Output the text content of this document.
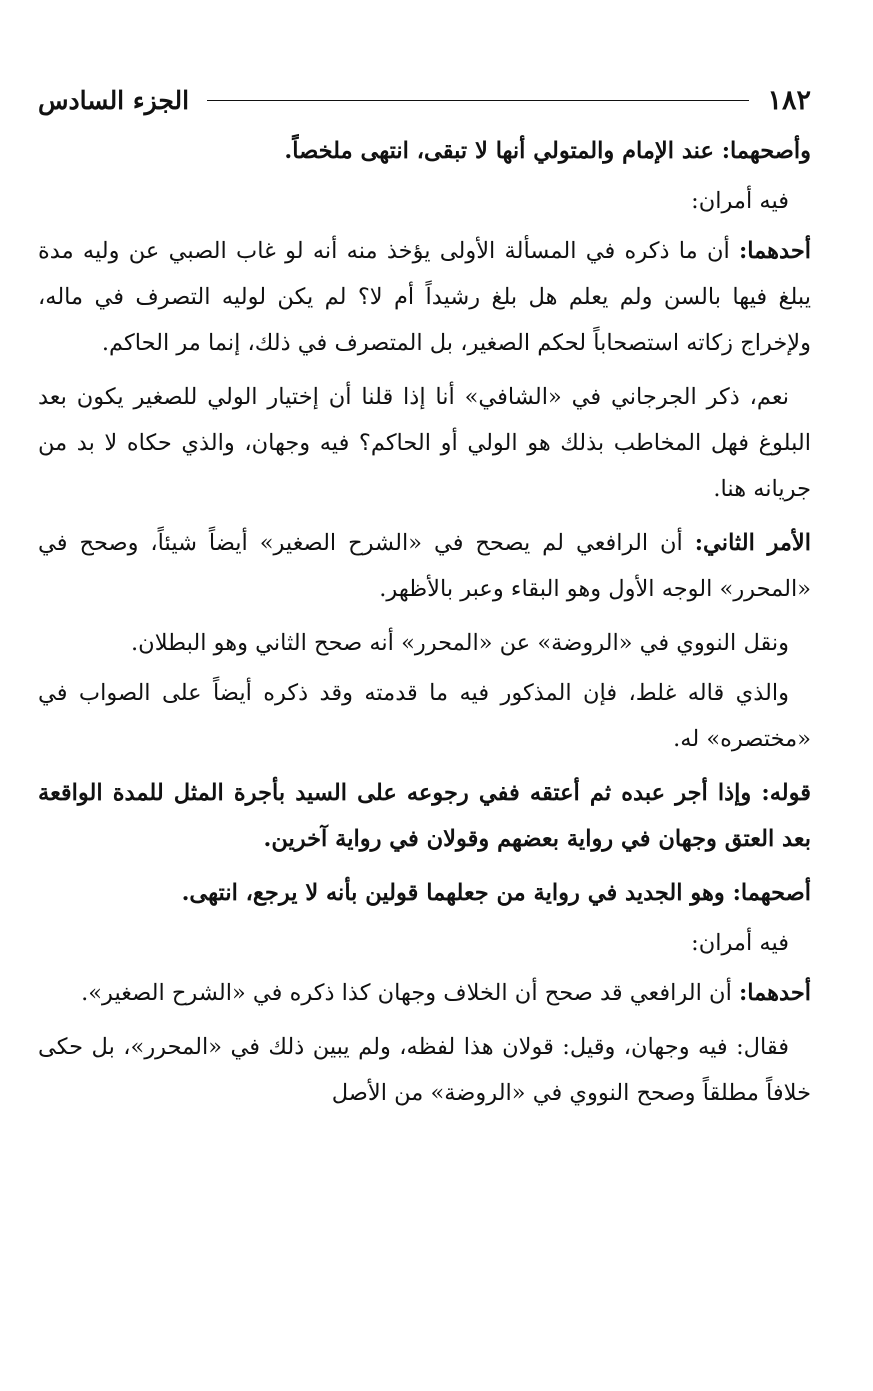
١٨٢
الجزء السادس

وأصحهما: عند الإمام والمتولي أنها لا تبقى، انتهى ملخصاً.

فيه أمران:

أحدهما: أن ما ذكره في المسألة الأولى يؤخذ منه أنه لو غاب الصبي عن وليه مدة يبلغ فيها بالسن ولم يعلم هل بلغ رشيداً أم لا؟ لم يكن لوليه التصرف في ماله، ولإخراج زكاته استصحاباً لحكم الصغير، بل المتصرف في ذلك، إنما مر الحاكم.

نعم، ذكر الجرجاني في «الشافي» أنا إذا قلنا أن إختيار الولي للصغير يكون بعد البلوغ فهل المخاطب بذلك هو الولي أو الحاكم؟ فيه وجهان، والذي حكاه لا بد من جريانه هنا.

الأمر الثاني: أن الرافعي لم يصحح في «الشرح الصغير» أيضاً شيئاً، وصحح في «المحرر» الوجه الأول وهو البقاء وعبر بالأظهر.

ونقل النووي في «الروضة» عن «المحرر» أنه صحح الثاني وهو البطلان.

والذي قاله غلط، فإن المذكور فيه ما قدمته وقد ذكره أيضاً على الصواب في «مختصره» له.

قوله: وإذا أجر عبده ثم أعتقه ففي رجوعه على السيد بأجرة المثل للمدة الواقعة بعد العتق وجهان في رواية بعضهم وقولان في رواية آخرين.

أصحهما: وهو الجديد في رواية من جعلهما قولين بأنه لا يرجع، انتهى.

فيه أمران:

أحدهما: أن الرافعي قد صحح أن الخلاف وجهان كذا ذكره في «الشرح الصغير».

فقال: فيه وجهان، وقيل: قولان هذا لفظه، ولم يبين ذلك في «المحرر»، بل حكى خلافاً مطلقاً وصحح النووي في «الروضة» من الأصل
